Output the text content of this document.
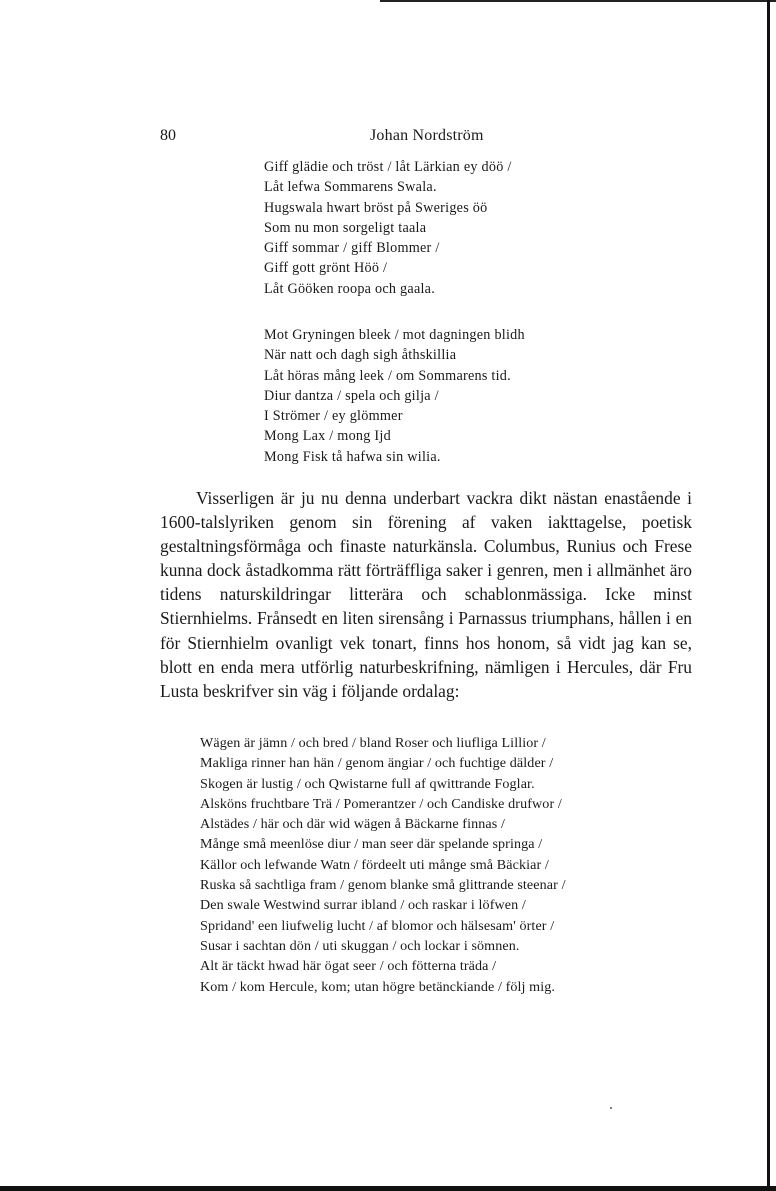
80	Johan Nordström
Giff glädie och tröst / låt Lärkian ey döö /
Låt lefwa Sommarens Swala.
Hugswala hwart bröst på Sweriges öö
Som nu mon sorgeligt taala
Giff sommar / giff Blommer /
Giff gott grönt Höö /
Låt Gööken roopa och gaala.
Mot Gryningen bleek / mot dagningen blidh
När natt och dagh sigh åthskillia
Låt höras mång leek / om Sommarens tid.
Diur dantza / spela och gilja /
I Strömer / ey glömmer
Mong Lax / mong Ijd
Mong Fisk tå hafwa sin wilia.
Visserligen är ju nu denna underbart vackra dikt nästan enastående i 1600-talslyriken genom sin förening af vaken iakttagelse, poetisk gestaltningsförmåga och finaste naturkänsla. Columbus, Runius och Frese kunna dock åstadkomma rätt förträffliga saker i genren, men i allmänhet äro tidens naturskildringar litterära och schablonmässiga. Icke minst Stiernhielms. Frånsedt en liten sirensång i Parnassus triumphans, hållen i en för Stiernhielm ovanligt vek tonart, finns hos honom, så vidt jag kan se, blott en enda mera utförlig naturbeskrifning, nämligen i Hercules, där Fru Lusta beskrifver sin väg i följande ordalag:
Wägen är jämn / och bred / bland Roser och liufliga Lillior /
Makliga rinner han hän / genom ängiar / och fuchtige dälder /
Skogen är lustig / och Qwistarne full af qwittrande Foglar.
Alsköns fruchtbare Trä / Pomerantzer / och Candiske drufwor /
Alstädes / här och där wid wägen å Bäckarne finnas /
Månge små meenlöse diur / man seer där spelande springa /
Källor och lefwande Watn / fördeelt uti månge små Bäckiar /
Ruska så sachtliga fram / genom blanke små glittrande steenar /
Den swale Westwind surrar ibland / och raskar i löfwen /
Spridand' een liufwelig lucht / af blomor och hälsesam' örter /
Susar i sachtan dön / uti skuggan / och lockar i sömnen.
Alt är täckt hwad här ögat seer / och fötterna träda /
Kom / kom Hercule, kom; utan högre betänckiande / följ mig.
